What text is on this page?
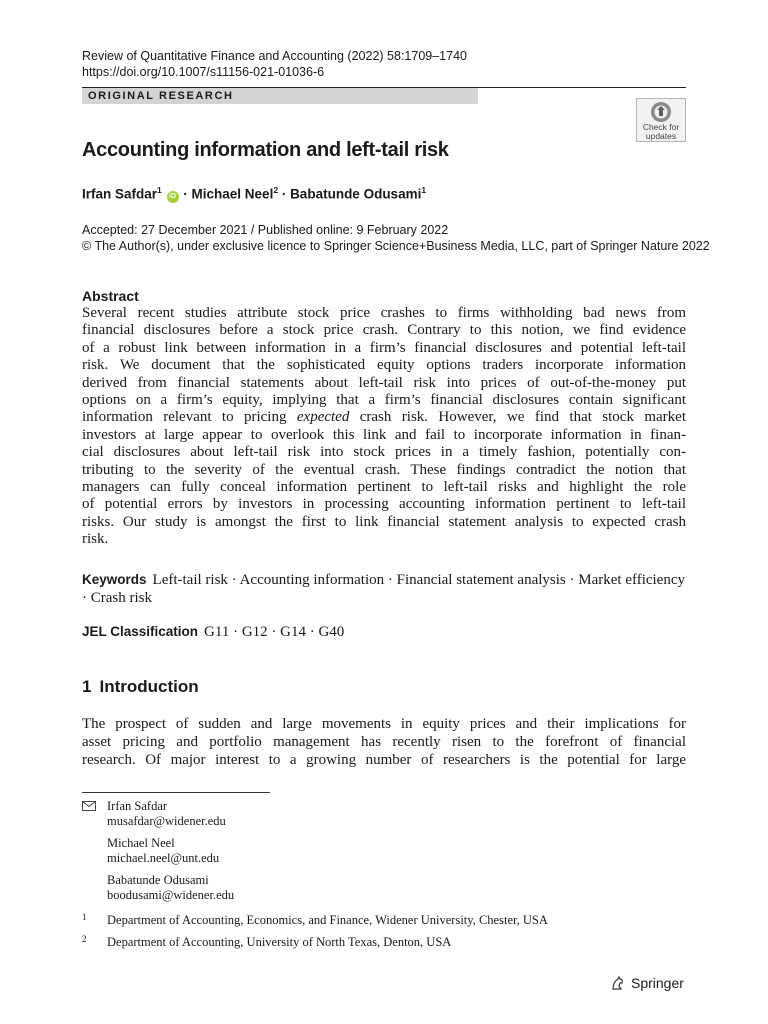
Review of Quantitative Finance and Accounting (2022) 58:1709–1740
https://doi.org/10.1007/s11156-021-01036-6
ORIGINAL RESEARCH
Check for
updates
Accounting information and left-tail risk
Irfan Safdar$^1$ iD · Michael Neel$^2$ · Babatunde Odusami$^1$
Accepted: 27 December 2021 / Published online: 9 February 2022
© The Author(s), under exclusive licence to Springer Science+Business Media, LLC, part of Springer Nature 2022
Abstract
Several recent studies attribute stock price crashes to firms withholding bad news from
financial disclosures before a stock price crash. Contrary to this notion, we find evidence
of a robust link between information in a firm’s financial disclosures and potential left-tail
risk. We document that the sophisticated equity options traders incorporate information
derived from financial statements about left-tail risk into prices of out-of-the-money put
options on a firm’s equity, implying that a firm’s financial disclosures contain significant
information relevant to pricing expected crash risk. However, we find that stock market
investors at large appear to overlook this link and fail to incorporate information in finan-
cial disclosures about left-tail risk into stock prices in a timely fashion, potentially con-
tributing to the severity of the eventual crash. These findings contradict the notion that
managers can fully conceal information pertinent to left-tail risks and highlight the role
of potential errors by investors in processing accounting information pertinent to left-tail
risks. Our study is amongst the first to link financial statement analysis to expected crash
risk.
Keywords Left-tail risk · Accounting information · Financial statement analysis · Market efficiency · Crash risk
JEL Classification G11 · G12 · G14 · G40
1 Introduction
The prospect of sudden and large movements in equity prices and their implications for
asset pricing and portfolio management has recently risen to the forefront of financial
research. Of major interest to a growing number of researchers is the potential for large
Irfan Safdar
musafdar@widener.edu
Michael Neel
michael.neel@unt.edu
Babatunde Odusami
boodusami@widener.edu
1 Department of Accounting, Economics, and Finance, Widener University, Chester, USA
2 Department of Accounting, University of North Texas, Denton, USA
Springer
